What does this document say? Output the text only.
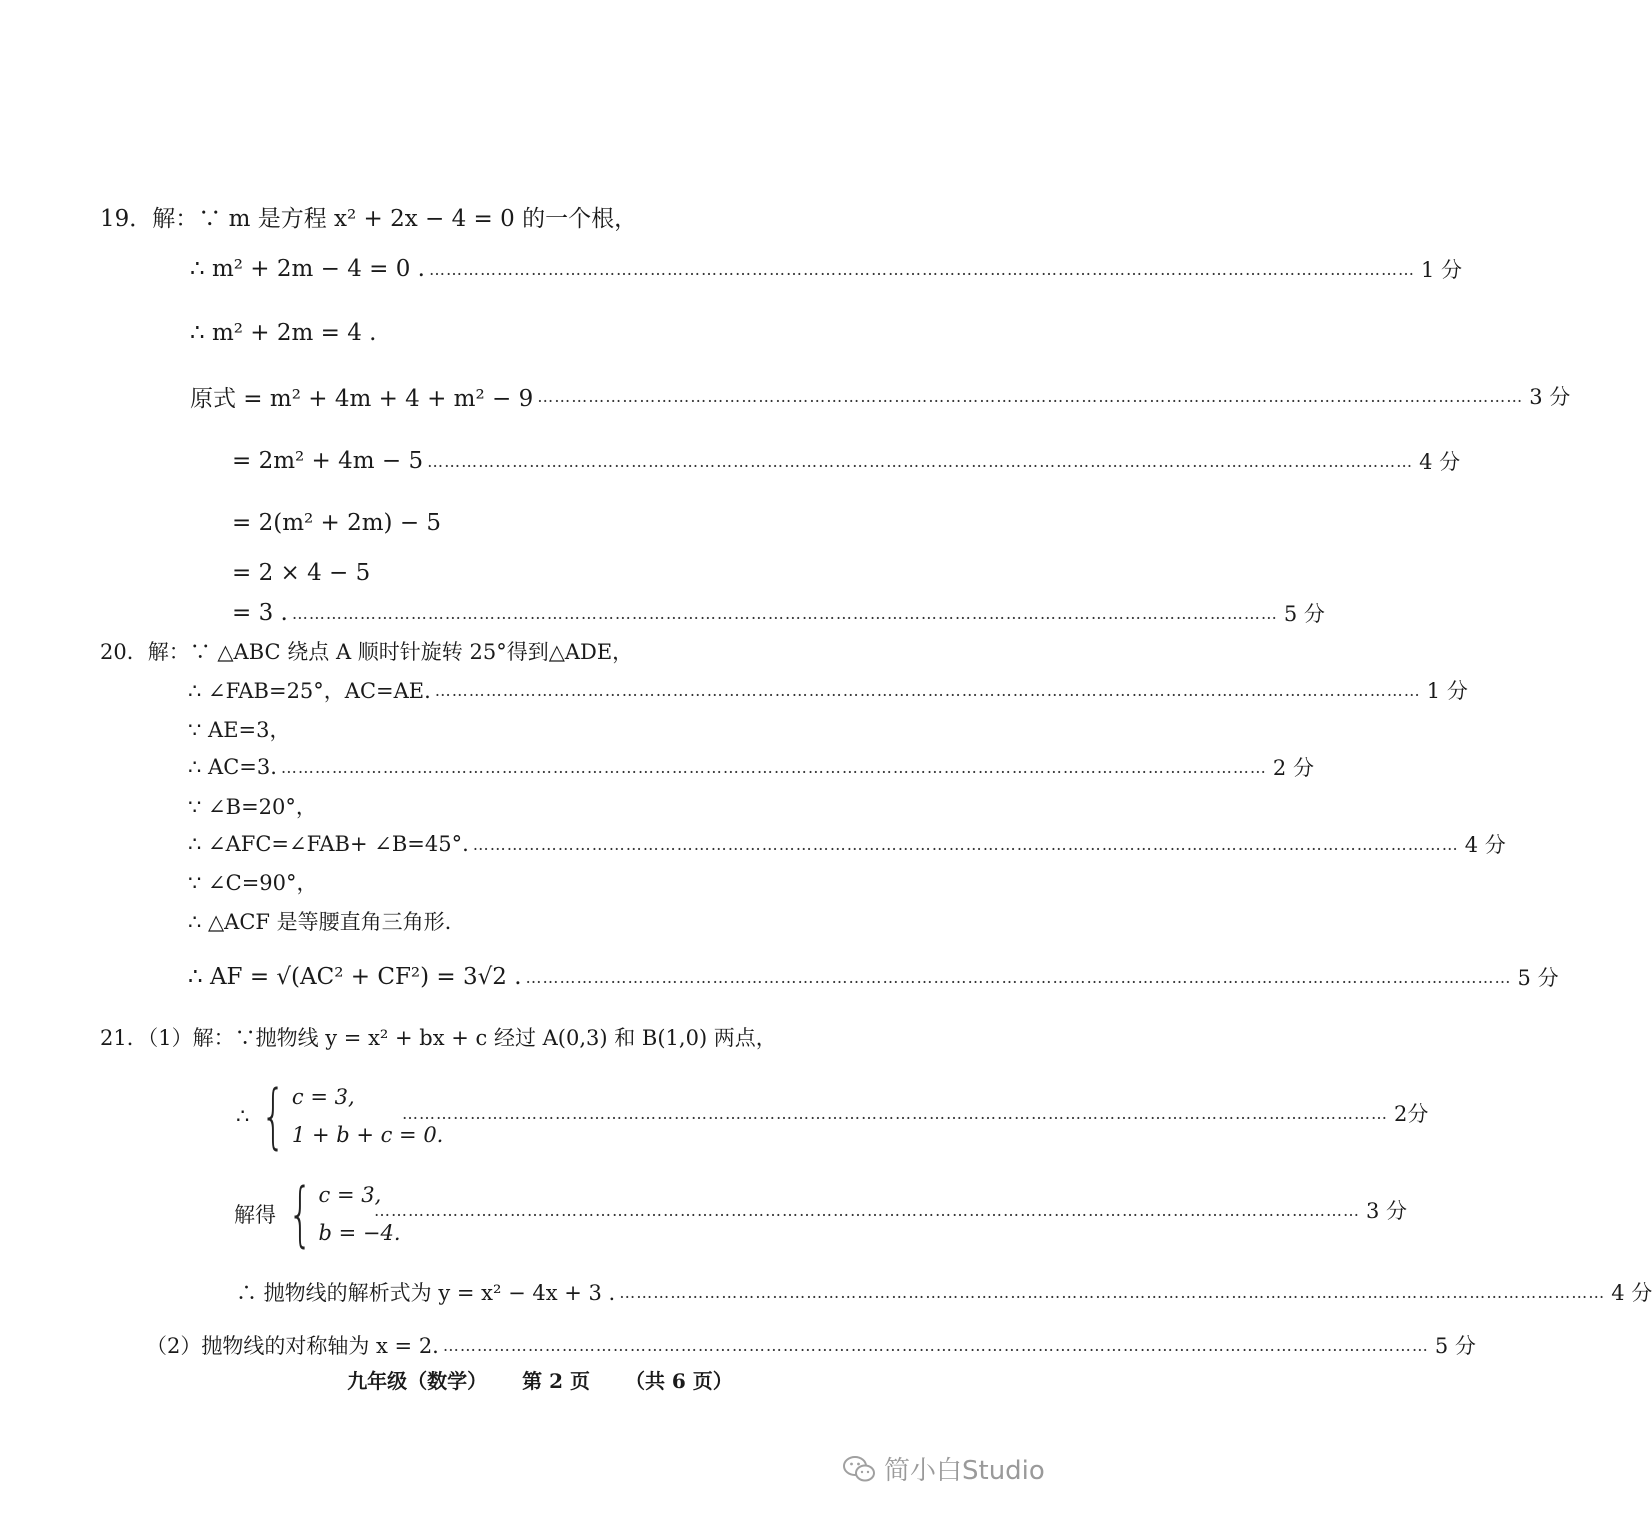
19．解：∵ m 是方程 x² + 2x − 4 = 0 的一个根，
∴ m² + 2m − 4 = 0 . ………………………………………………………………………………………………………………………………………………………… 1 分
∴ m² + 2m = 4 .
原式 = m² + 4m + 4 + m² − 9 ………………………………………………………………………………………………………………………………………………………… 3 分
= 2m² + 4m − 5 ………………………………………………………………………………………………………………………………………………………… 4 分
= 2(m² + 2m) − 5
= 2 × 4 − 5
= 3 . ………………………………………………………………………………………………………………………………………………………… 5 分
20．解：∵ △ABC 绕点 A 顺时针旋转 25°得到△ADE，
∴ ∠FAB=25°，AC=AE. ………………………………………………………………………………………………………………………………………………………… 1 分
∵ AE=3，
∴ AC=3. ………………………………………………………………………………………………………………………………………………………… 2 分
∵ ∠B=20°，
∴ ∠AFC=∠FAB+ ∠B=45°. ………………………………………………………………………………………………………………………………………………………… 4 分
∵ ∠C=90°，
∴ △ACF 是等腰直角三角形.
∴ AF = √(AC² + CF²) = 3√2 . ………………………………………………………………………………………………………………………………………………………… 5 分
21．（1）解：∵抛物线 y = x² + bx + c 经过 A(0,3) 和 B(1,0) 两点，
∴ { c = 3,
1 + b + c = 0.
………………………………………………………………………………………………………………………………………………………… 2分
解得 { c = 3,
b = −4.
………………………………………………………………………………………………………………………………………………………… 3 分
∴ 抛物线的解析式为 y = x² − 4x + 3 . ………………………………………………………………………………………………………………………………………………………… 4 分
（2）抛物线的对称轴为 x = 2. ………………………………………………………………………………………………………………………………………………………… 5 分
九年级（数学） 第 2 页 （共 6 页）
简小白Studio
